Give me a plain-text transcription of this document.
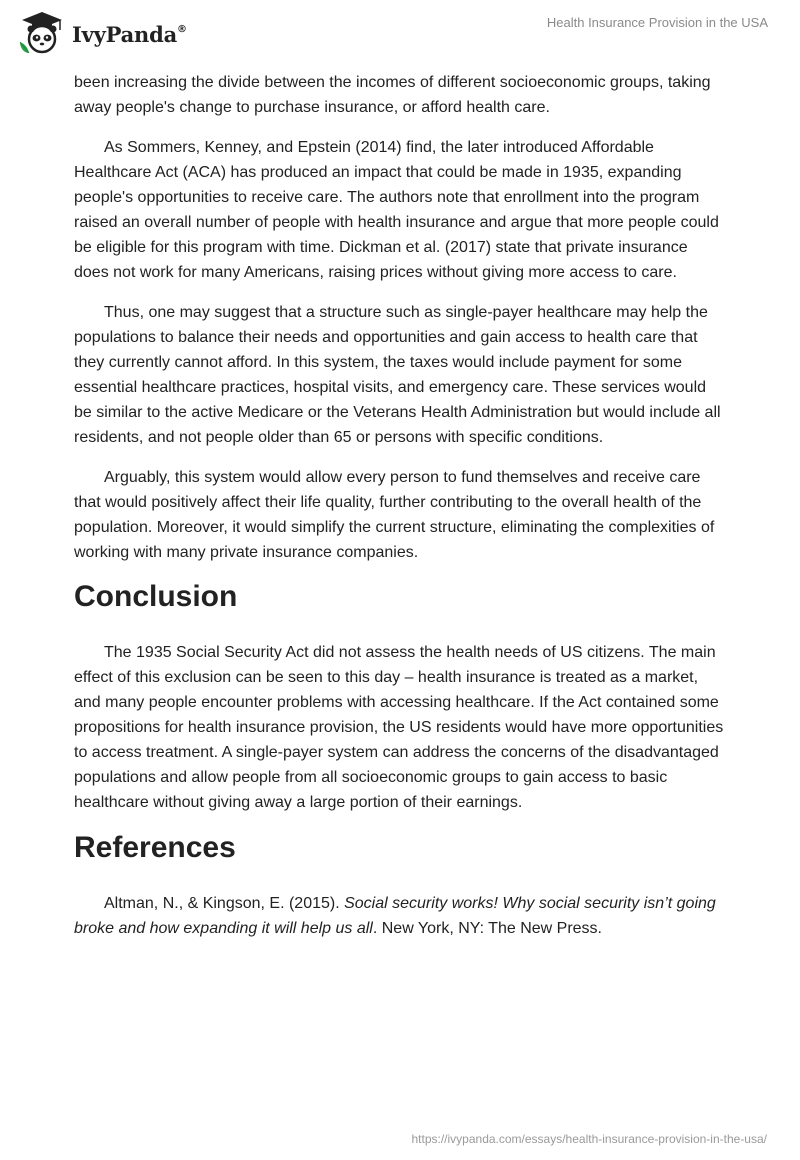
IvyPanda®	Health Insurance Provision in the USA

been increasing the divide between the incomes of different socioeconomic groups, taking away people's change to purchase insurance, or afford health care.

As Sommers, Kenney, and Epstein (2014) find, the later introduced Affordable Healthcare Act (ACA) has produced an impact that could be made in 1935, expanding people's opportunities to receive care. The authors note that enrollment into the program raised an overall number of people with health insurance and argue that more people could be eligible for this program with time. Dickman et al. (2017) state that private insurance does not work for many Americans, raising prices without giving more access to care.

Thus, one may suggest that a structure such as single-payer healthcare may help the populations to balance their needs and opportunities and gain access to health care that they currently cannot afford. In this system, the taxes would include payment for some essential healthcare practices, hospital visits, and emergency care. These services would be similar to the active Medicare or the Veterans Health Administration but would include all residents, and not people older than 65 or persons with specific conditions.

Arguably, this system would allow every person to fund themselves and receive care that would positively affect their life quality, further contributing to the overall health of the population. Moreover, it would simplify the current structure, eliminating the complexities of working with many private insurance companies.

Conclusion

The 1935 Social Security Act did not assess the health needs of US citizens. The main effect of this exclusion can be seen to this day – health insurance is treated as a market, and many people encounter problems with accessing healthcare. If the Act contained some propositions for health insurance provision, the US residents would have more opportunities to access treatment. A single-payer system can address the concerns of the disadvantaged populations and allow people from all socioeconomic groups to gain access to basic healthcare without giving away a large portion of their earnings.

References

Altman, N., & Kingson, E. (2015). Social security works! Why social security isn’t going broke and how expanding it will help us all. New York, NY: The New Press.

https://ivypanda.com/essays/health-insurance-provision-in-the-usa/
